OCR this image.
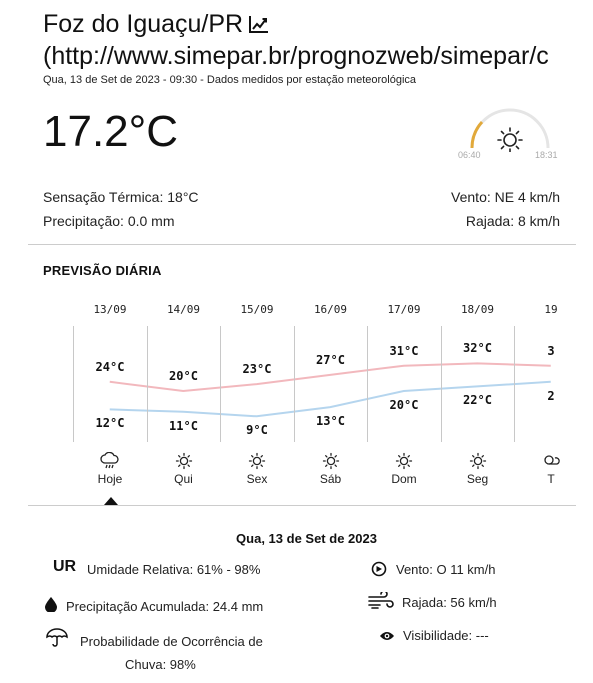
Foz do Iguaçu/PR
(http://www.simepar.br/prognozweb/simepar/c
Qua, 13 de Set de 2023 - 09:30 - Dados medidos por estação meteorológica
17.2°C	06:40	18:31
Sensação Térmica: 18°C
Precipitação: 0.0 mm
Vento: NE 4 km/h
Rajada: 8 km/h
PREVISÃO DIÁRIA
13/09
24°C
12°C
Hoje
14/09
20°C
11°C
Qui
15/09
23°C
9°C
Sex
16/09
27°C
13°C
Sáb
17/09
31°C
20°C
Dom
18/09
32°C
22°C
Seg
19
3
2
T
Qua, 13 de Set de 2023
UR Umidade Relativa: 61% - 98%
Precipitação Acumulada: 24.4 mm
Probabilidade de Ocorrência de
Chuva: 98%
Vento: O 11 km/h
Rajada: 56 km/h
Visibilidade: ---
